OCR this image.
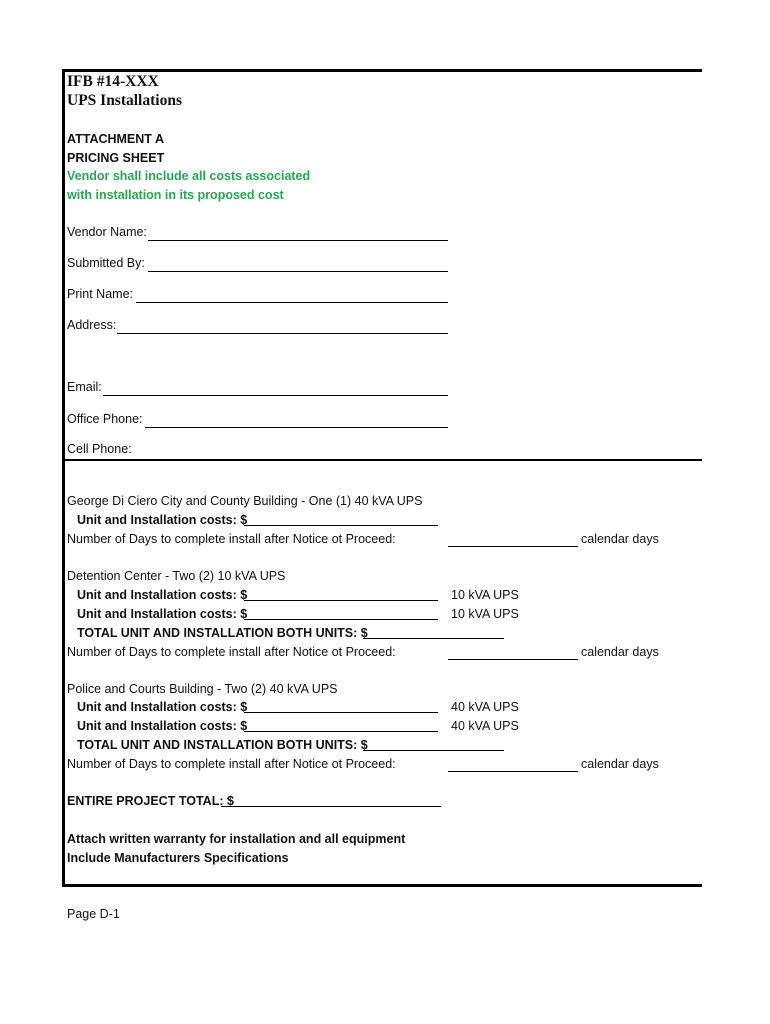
IFB #14-XXX
UPS Installations
ATTACHMENT A
PRICING SHEET
Vendor shall include all costs associated
with installation in its proposed cost
Vendor Name:
Submitted By:
Print Name:
Address:
Email:
Office Phone:
Cell Phone:
George Di Ciero City and County Building - One (1) 40 kVA UPS
Unit and Installation costs: $
Number of Days to complete install after Notice ot Proceed:	calendar days
Detention Center - Two (2) 10 kVA UPS
Unit and Installation costs: $	10 kVA UPS
Unit and Installation costs: $	10 kVA UPS
TOTAL UNIT AND INSTALLATION BOTH UNITS: $
Number of Days to complete install after Notice ot Proceed:	calendar days
Police and Courts Building - Two (2) 40 kVA UPS
Unit and Installation costs: $	40 kVA UPS
Unit and Installation costs: $	40 kVA UPS
TOTAL UNIT AND INSTALLATION BOTH UNITS: $
Number of Days to complete install after Notice ot Proceed:	calendar days
ENTIRE PROJECT TOTAL: $
Attach written warranty for installation and all equipment
Include Manufacturers Specifications
Page D-1
